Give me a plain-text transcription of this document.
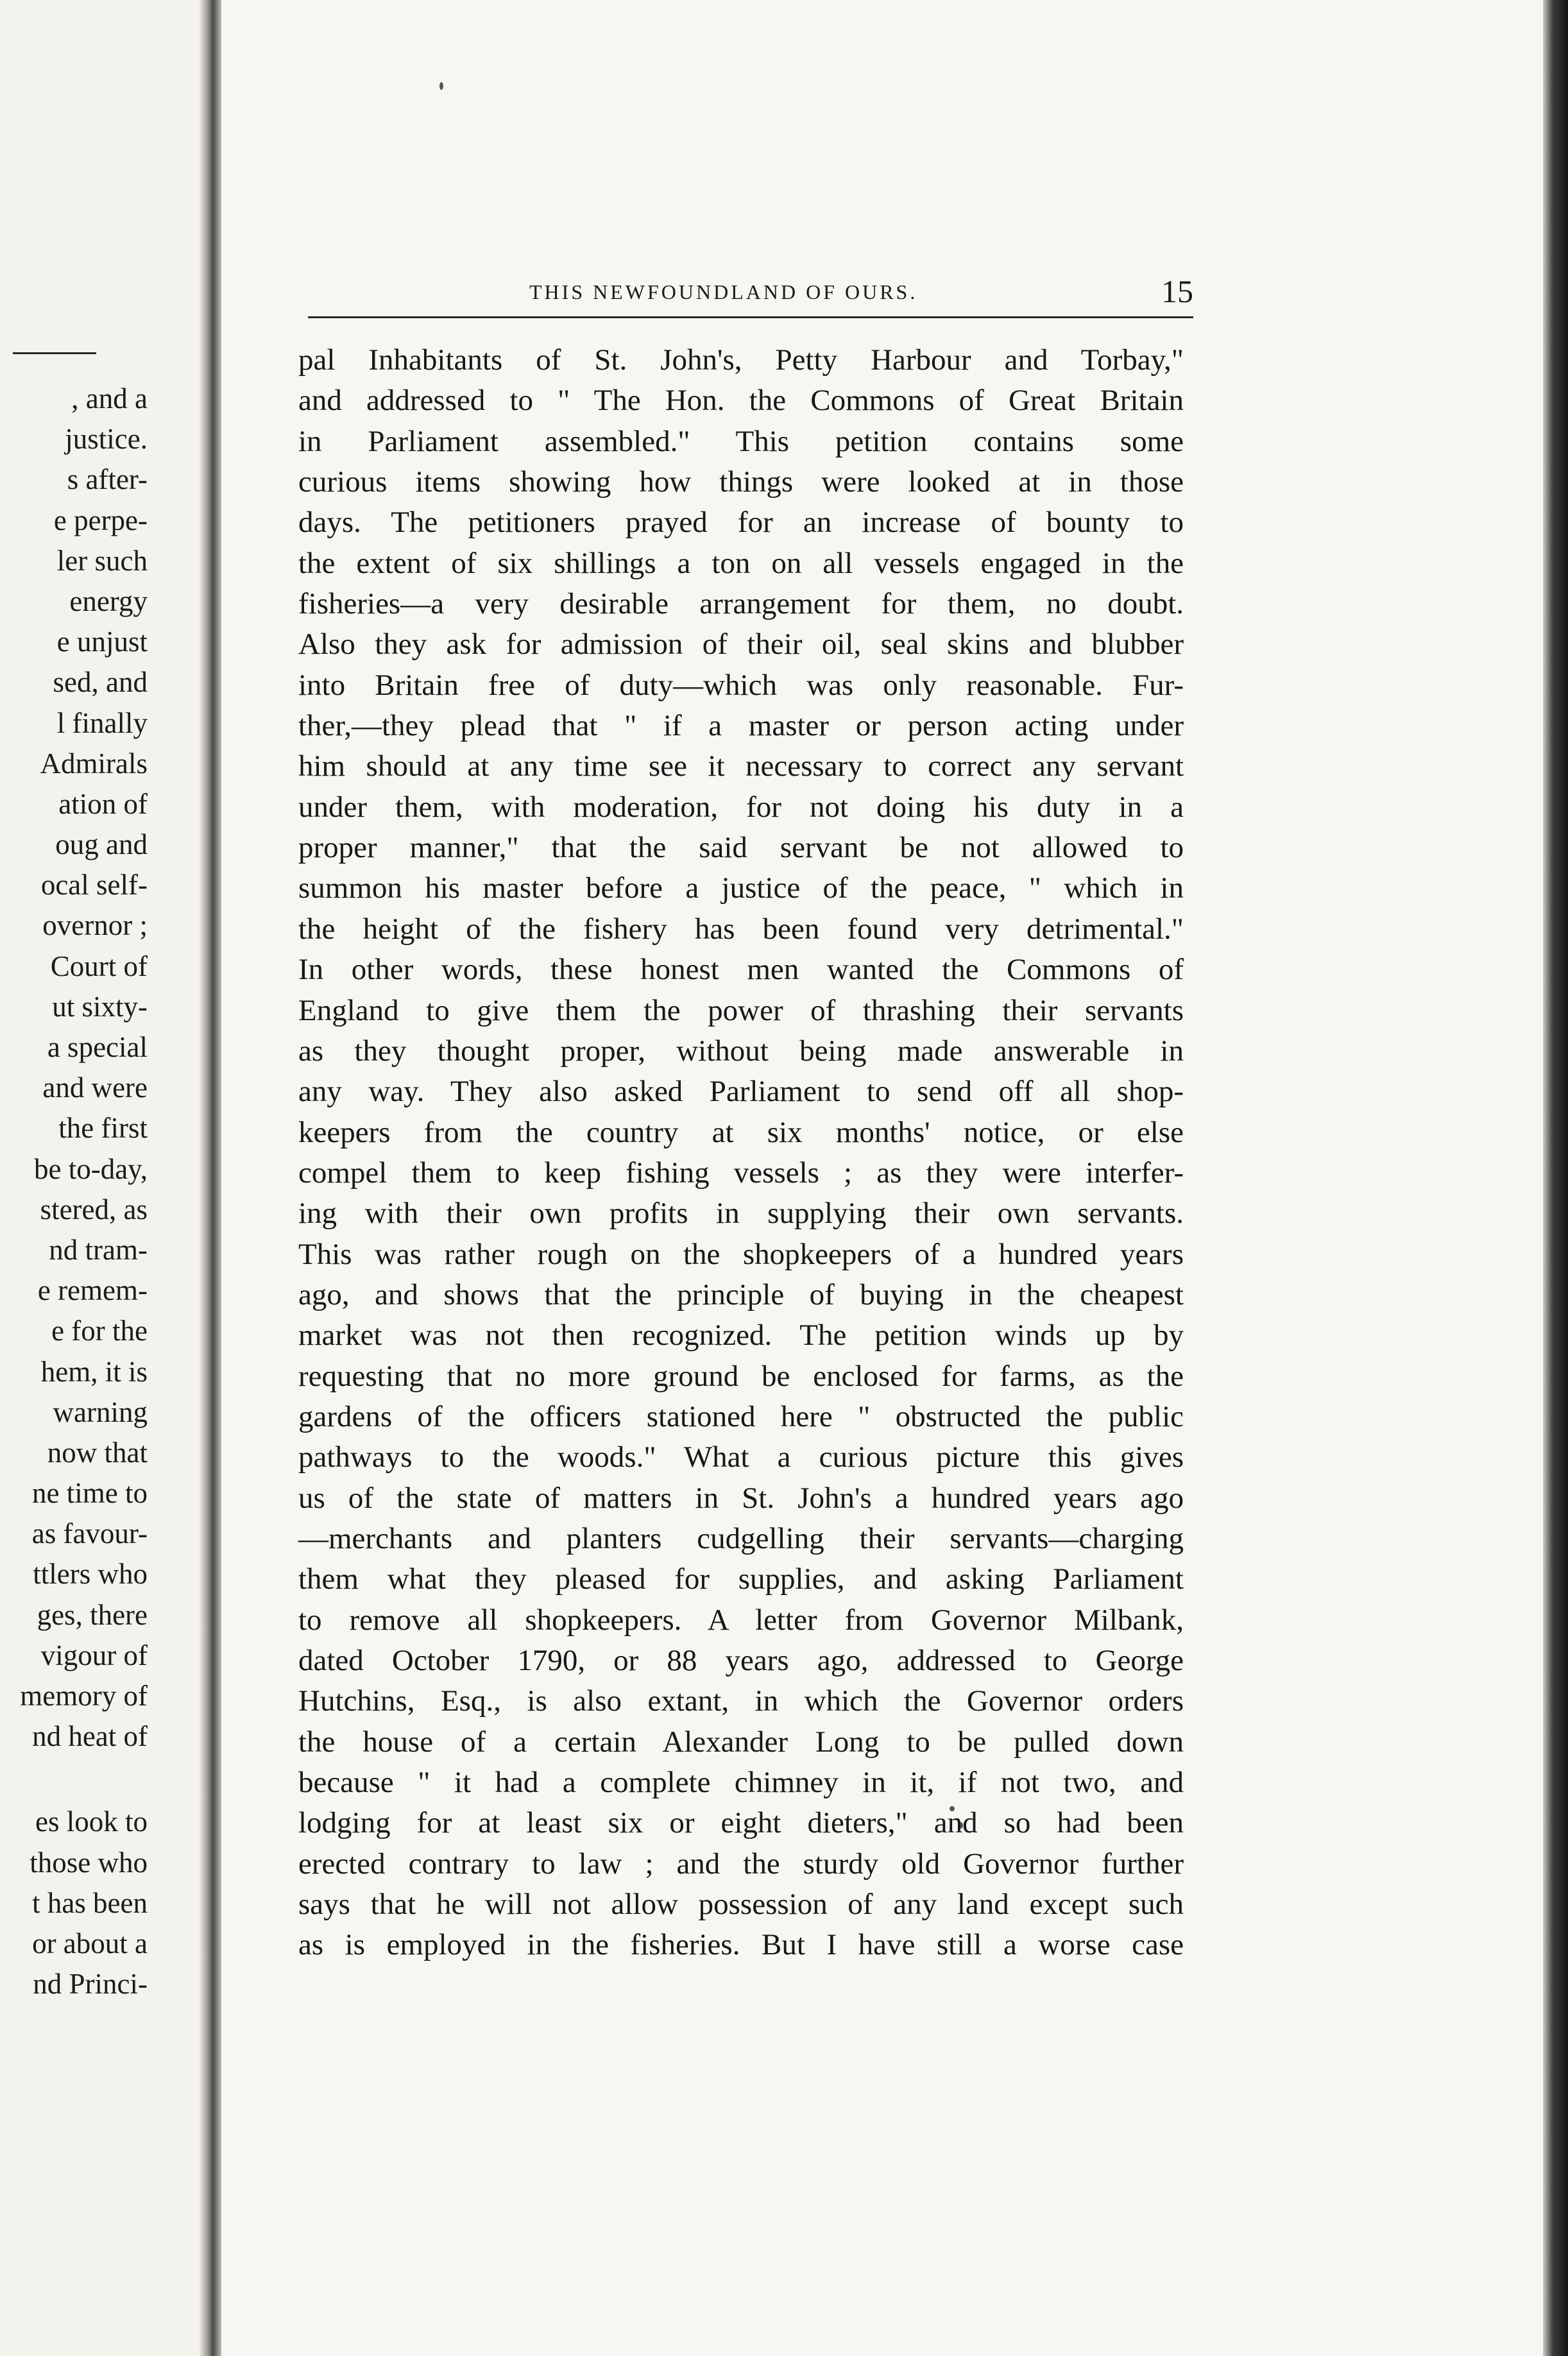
, and a
justice.
s after-
e perpe-
ler such
energy
e unjust
sed, and
l finally
Admirals
ation of
oug and
ocal self-
overnor ;
Court of
ut sixty-
a special
and were
the first
be to-day,
stered, as
nd tram-
e remem-
e for the
hem, it is
warning
now that
ne time to
as favour-
ttlers who
ges, there
vigour of
memory of
nd heat of
es look to
those who
t has been
or about a
nd Princi-
THIS NEWFOUNDLAND OF OURS.	15
pal Inhabitants of St. John's, Petty Harbour and Torbay,"
and addressed to " The Hon. the Commons of Great Britain
in Parliament assembled." This petition contains some
curious items showing how things were looked at in those
days. The petitioners prayed for an increase of bounty to
the extent of six shillings a ton on all vessels engaged in the
fisheries—a very desirable arrangement for them, no doubt.
Also they ask for admission of their oil, seal skins and blubber
into Britain free of duty—which was only reasonable. Fur-
ther,—they plead that " if a master or person acting under
him should at any time see it necessary to correct any servant
under them, with moderation, for not doing his duty in a
proper manner," that the said servant be not allowed to
summon his master before a justice of the peace, " which in
the height of the fishery has been found very detrimental."
In other words, these honest men wanted the Commons of
England to give them the power of thrashing their servants
as they thought proper, without being made answerable in
any way. They also asked Parliament to send off all shop-
keepers from the country at six months' notice, or else
compel them to keep fishing vessels ; as they were interfer-
ing with their own profits in supplying their own servants.
This was rather rough on the shopkeepers of a hundred years
ago, and shows that the principle of buying in the cheapest
market was not then recognized. The petition winds up by
requesting that no more ground be enclosed for farms, as the
gardens of the officers stationed here " obstructed the public
pathways to the woods." What a curious picture this gives
us of the state of matters in St. John's a hundred years ago
—merchants and planters cudgelling their servants—charging
them what they pleased for supplies, and asking Parliament
to remove all shopkeepers. A letter from Governor Milbank,
dated October 1790, or 88 years ago, addressed to George
Hutchins, Esq., is also extant, in which the Governor orders
the house of a certain Alexander Long to be pulled down
because " it had a complete chimney in it, if not two, and
lodging for at least six or eight dieters," and so had been
erected contrary to law ; and the sturdy old Governor further
says that he will not allow possession of any land except such
as is employed in the fisheries. But I have still a worse case
